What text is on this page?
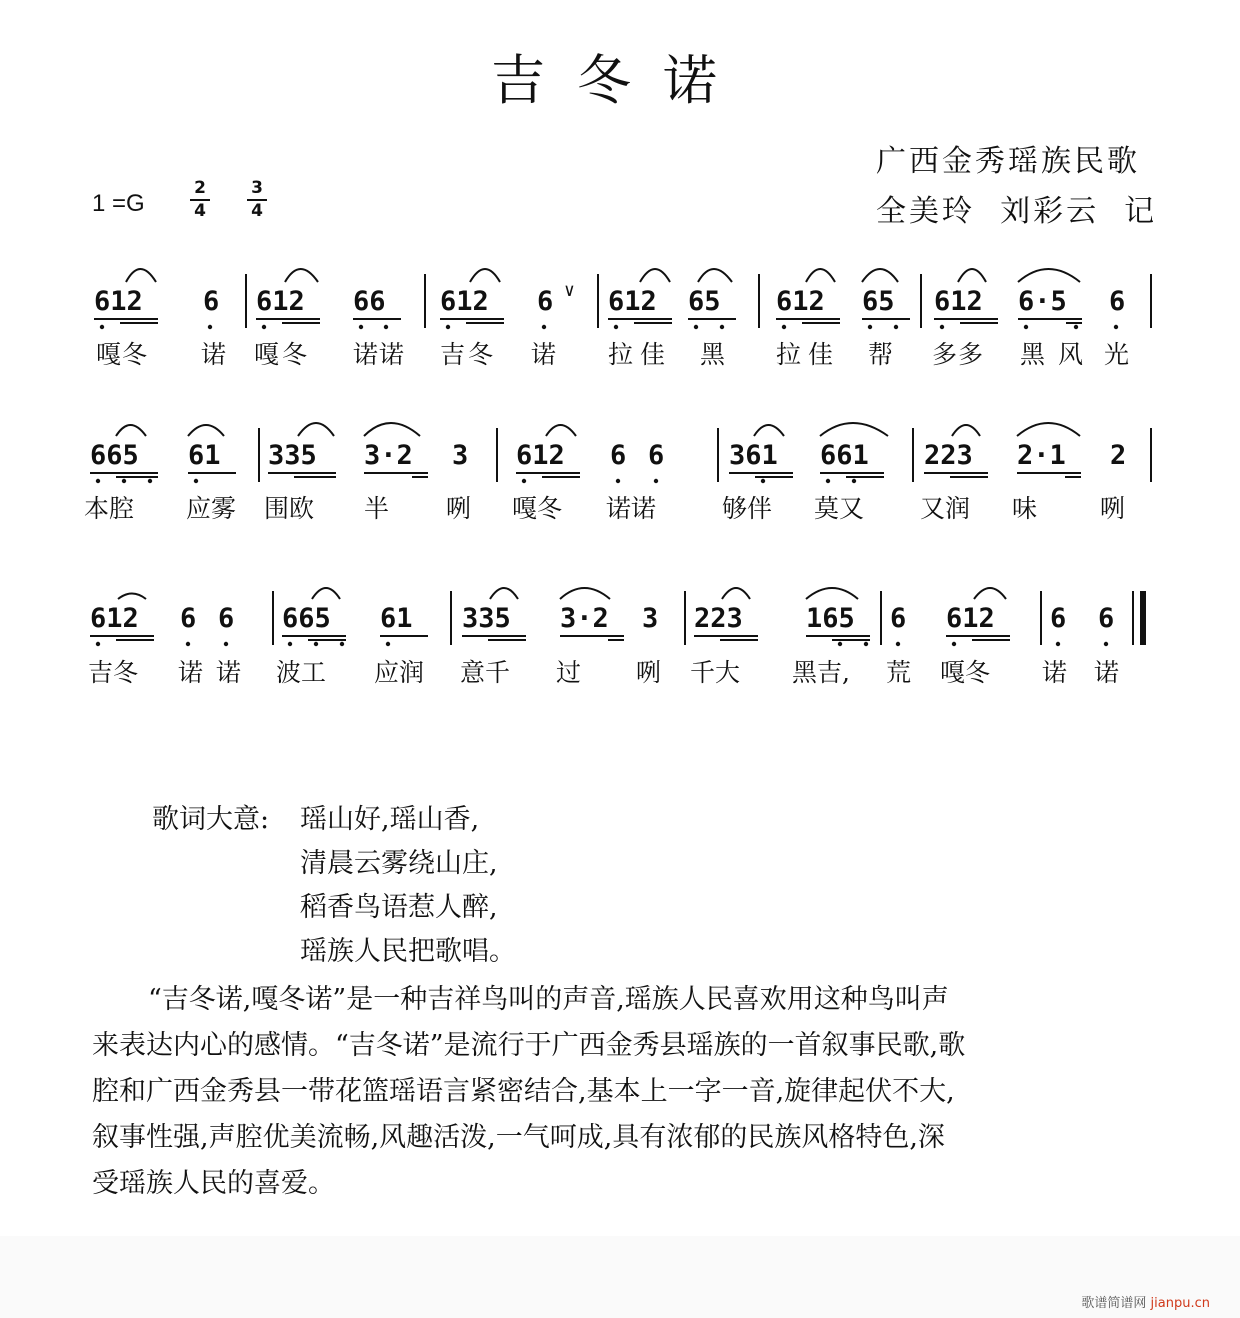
吉冬诺
广西金秀瑶族民歌
全美玲  刘彩云  记
1 =G
2
4
3
4
612 6 612 66 612 6 ∨ 612 65 612 65 612 6·5 6
嘎 冬 诺 嘎 冬 诺 诺 吉 冬 诺 拉 佳 黑 拉 佳 帮 多 多 黑 风 光
665 61 335 3·2 3 612 6 6 361 661 223 2·1 2
本腔 应雾 围欧 半 咧 嘎冬 诺诺	够伴 莫又 又润 味	咧
612 6 6 665 61 335 3·2 3 223 165 6 612 6 6
吉冬 诺 诺 波工 应润 意千 过 咧 千大 黑吉, 荒 嘎冬 诺 诺
歌词大意: 瑶山好,瑶山香,
清晨云雾绕山庄,
稻香鸟语惹人醉,
瑶族人民把歌唱。
“吉冬诺,嘎冬诺”是一种吉祥鸟叫的声音,瑶族人民喜欢用这种鸟叫声
来表达内心的感情。“吉冬诺”是流行于广西金秀县瑶族的一首叙事民歌,歌
腔和广西金秀县一带花篮瑶语言紧密结合,基本上一字一音,旋律起伏不大,
叙事性强,声腔优美流畅,风趣活泼,一气呵成,具有浓郁的民族风格特色,深
受瑶族人民的喜爱。
歌谱简谱网 jianpu.cn
